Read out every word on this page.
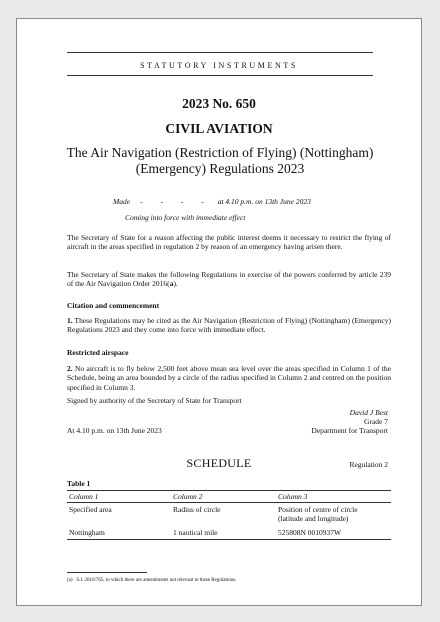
STATUTORY INSTRUMENTS
2023 No. 650
CIVIL AVIATION
The Air Navigation (Restriction of Flying) (Nottingham)
(Emergency) Regulations 2023
Made - - - - at 4.10 p.m. on 13th June 2023
Coming into force with immediate effect
The Secretary of State for a reason affecting the public interest deems it necessary to restrict the flying of aircraft in the areas specified in regulation 2 by reason of an emergency having arisen there.
The Secretary of State makes the following Regulations in exercise of the powers conferred by article 239 of the Air Navigation Order 2016(a).
Citation and commencement
1. These Regulations may be cited as the Air Navigation (Restriction of Flying) (Nottingham) (Emergency) Regulations 2023 and they come into force with immediate effect.
Restricted airspace
2. No aircraft is to fly below 2,500 feet above mean sea level over the areas specified in Column 1 of the Schedule, being an area bounded by a circle of the radius specified in Column 2 and centred on the position specified in Column 3.
Signed by authority of the Secretary of State for Transport
David J Best
Grade 7
At 4.10 p.m. on 13th June 2023	Department for Transport
SCHEDULE	Regulation 2
Table 1
Column 1	Column 2	Column 3
Specified area	Radius of circle	Position of centre of circle
(latitude and longitude)
Nottingham	1 nautical mile	525808N 0010937W
(a) S.I. 2016/765, to which there are amendments not relevant to these Regulations.
